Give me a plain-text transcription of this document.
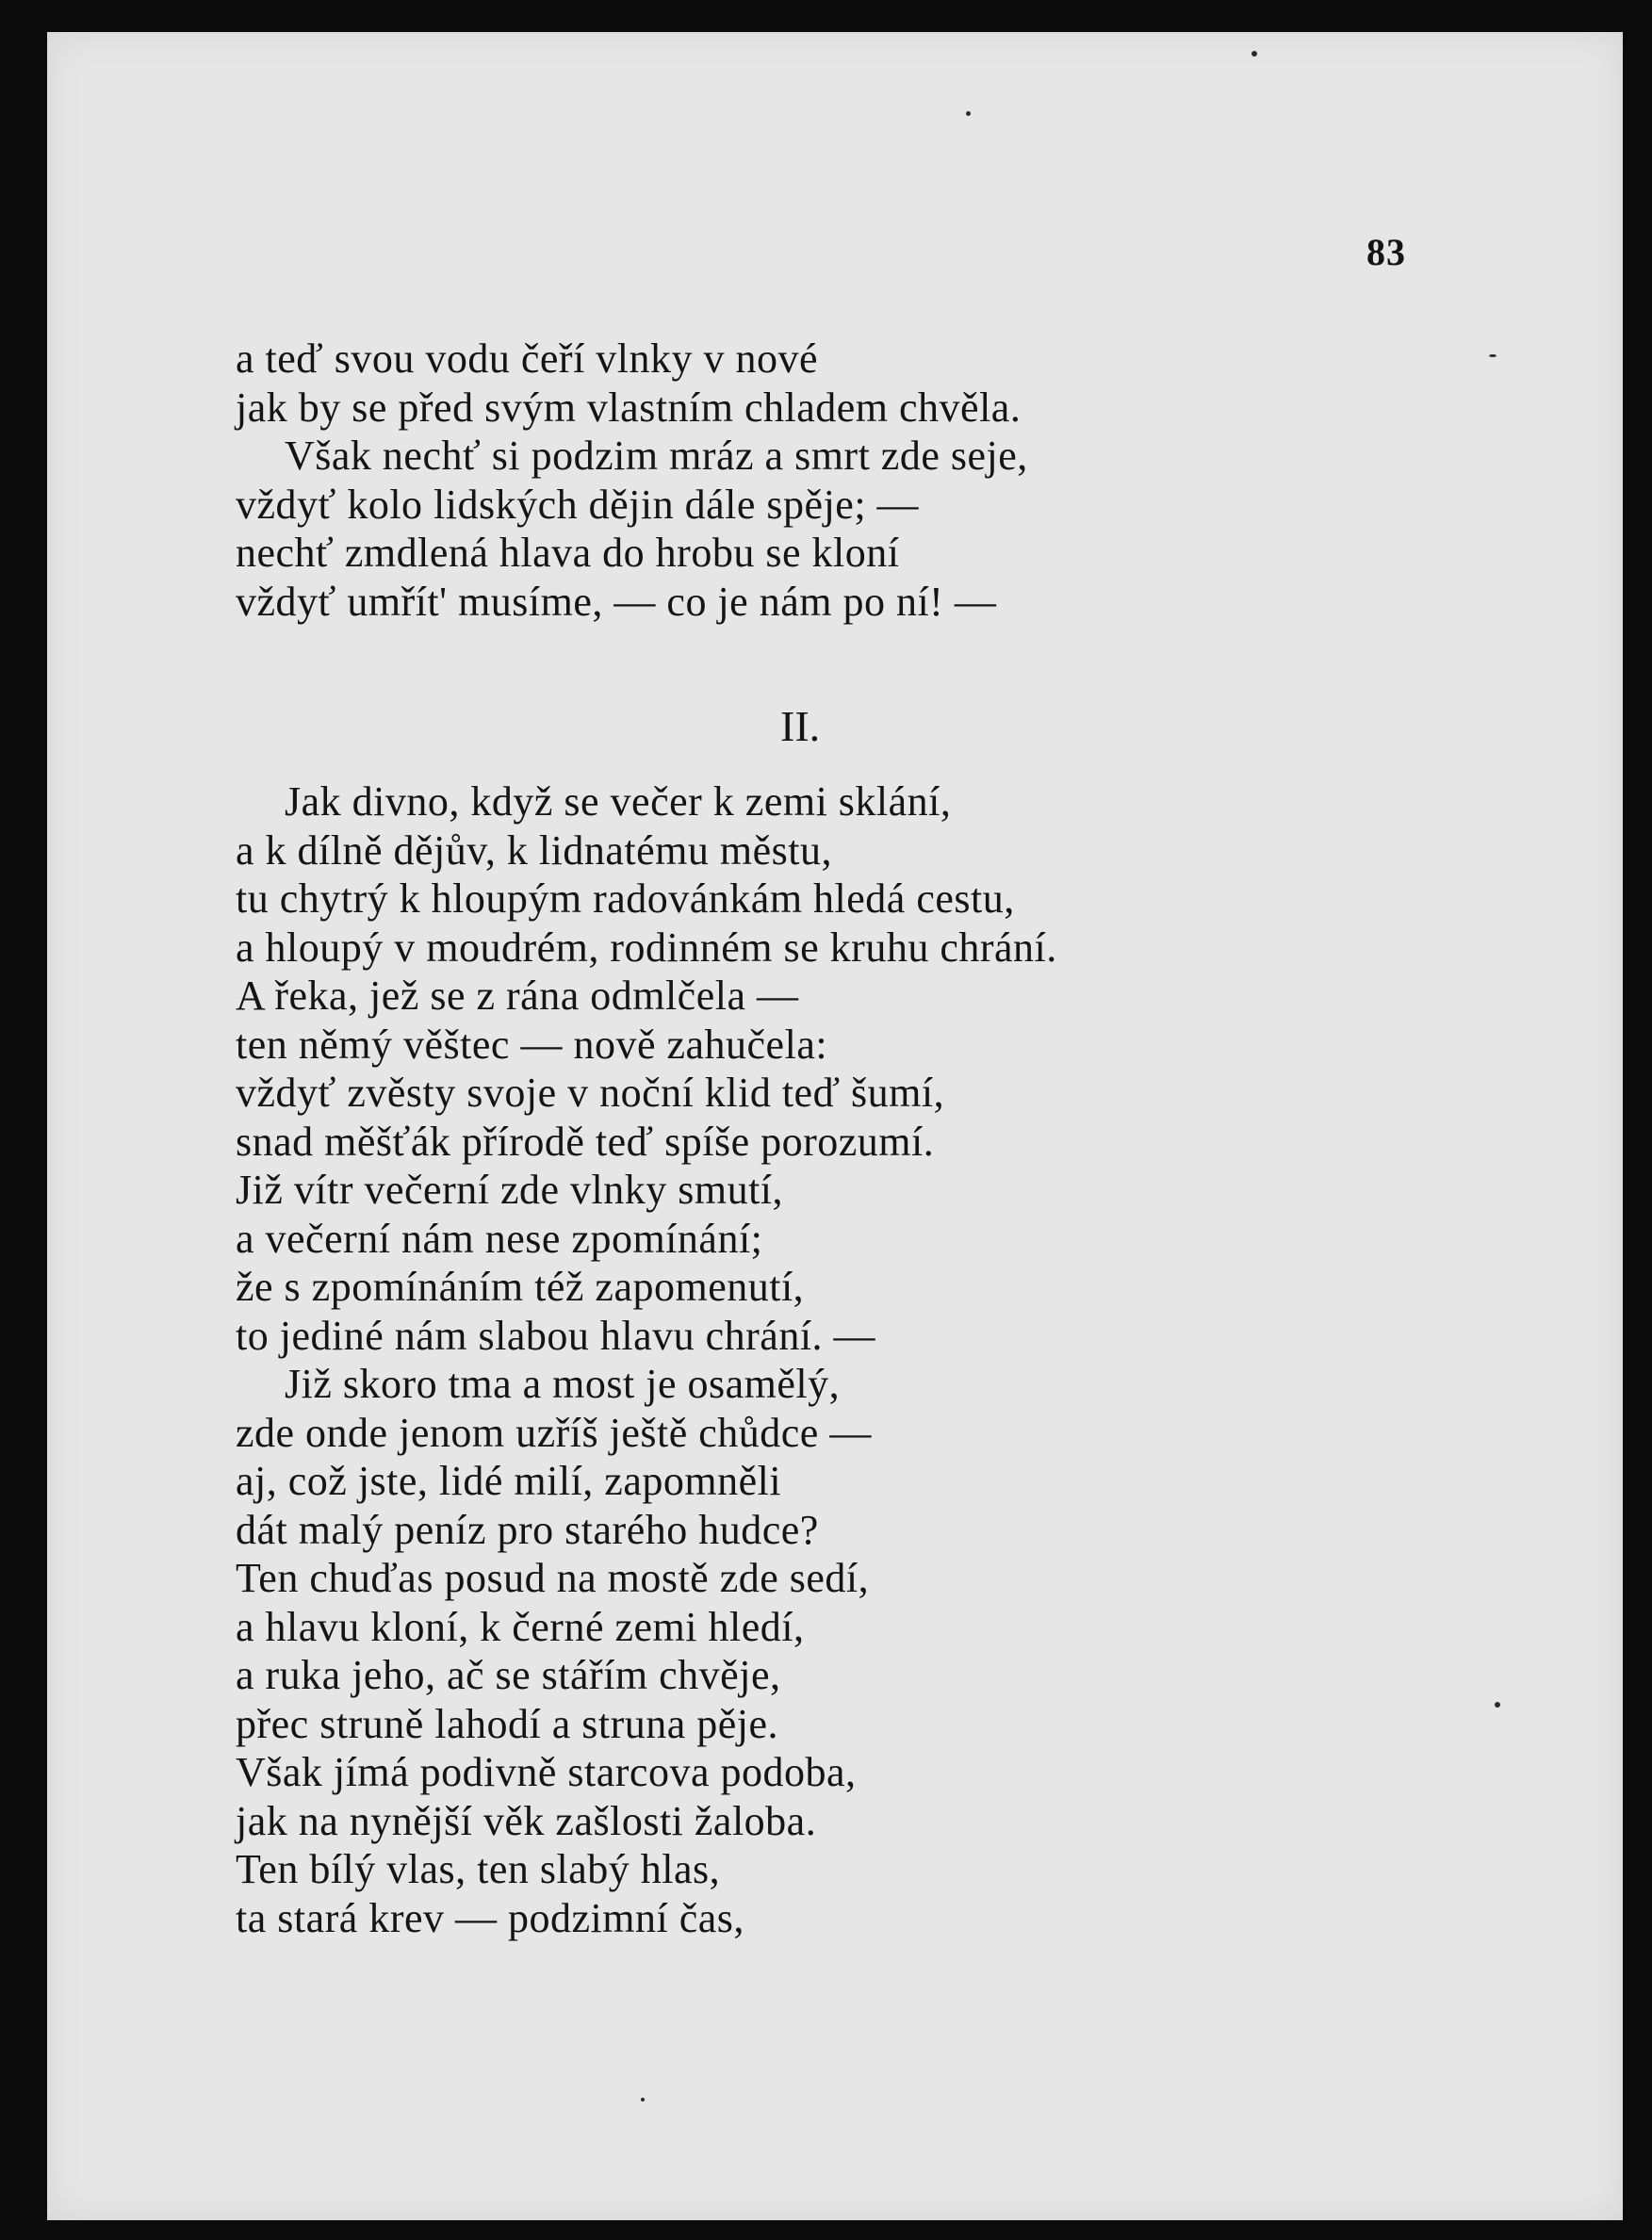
83
a teď svou vodu čeří vlnky v nové
jak by se před svým vlastním chladem chvěla.
Však nechť si podzim mráz a smrt zde seje,
vždyť kolo lidských dějin dále spěje; —
nechť zmdlená hlava do hrobu se kloní
vždyť umřít' musíme, — co je nám po ní! —
II.
Jak divno, když se večer k zemi sklání,
a k dílně dějův, k lidnatému městu,
tu chytrý k hloupým radovánkám hledá cestu,
a hloupý v moudrém, rodinném se kruhu chrání.
A řeka, jež se z rána odmlčela —
ten němý věštec — nově zahučela:
vždyť zvěsty svoje v noční klid teď šumí,
snad měšťák přírodě teď spíše porozumí.
Již vítr večerní zde vlnky smutí,
a večerní nám nese zpomínání;
že s zpomínáním též zapomenutí,
to jediné nám slabou hlavu chrání. —
Již skoro tma a most je osamělý,
zde onde jenom uzříš ještě chůdce —
aj, což jste, lidé milí, zapomněli
dát malý peníz pro starého hudce?
Ten chuďas posud na mostě zde sedí,
a hlavu kloní, k černé zemi hledí,
a ruka jeho, ač se stářím chvěje,
přec struně lahodí a struna pěje.
Však jímá podivně starcova podoba,
jak na nynější věk zašlosti žaloba.
Ten bílý vlas, ten slabý hlas,
ta stará krev — podzimní čas,
